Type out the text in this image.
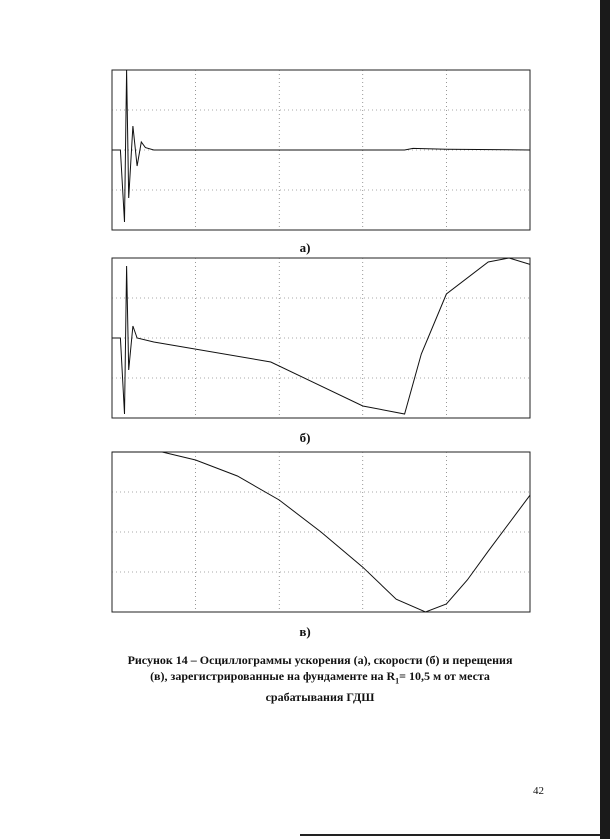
а)
б)
в)
Рисунок 14 – Осциллограммы ускорения (а), скорости (б) и перещения
(в), зарегистрированные на фундаменте на $R_1= 10,5$ м от места
срабатывания ГДШ
42
